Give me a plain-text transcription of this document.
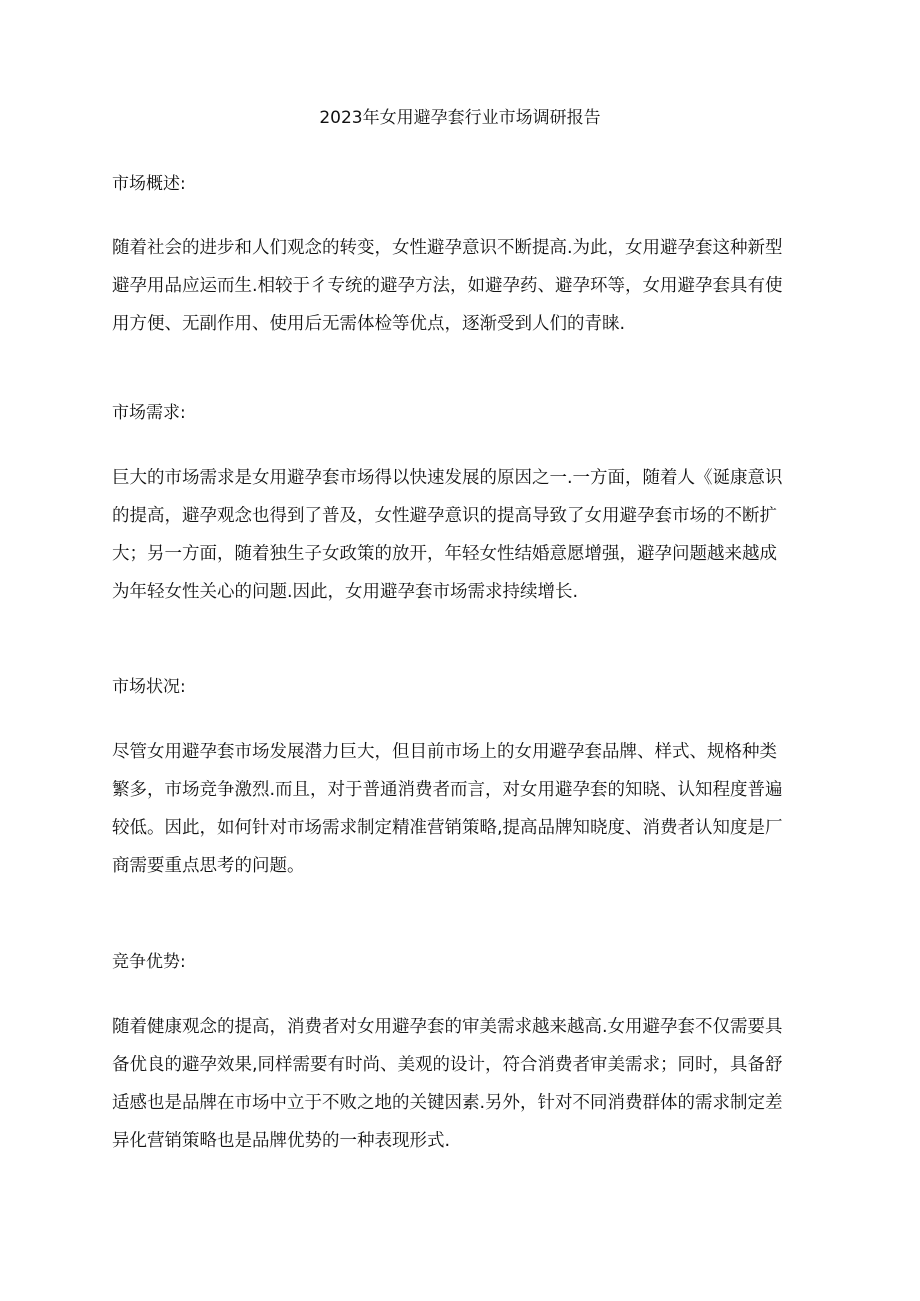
2023年女用避孕套行业市场调研报告

市场概述:

随着社会的进步和人们观念的转变，女性避孕意识不断提高.为此，女用避孕套这种新型
避孕用品应运而生.相较于彳专统的避孕方法，如避孕药、避孕环等，女用避孕套具有使
用方便、无副作用、使用后无需体检等优点，逐渐受到人们的青睐.

市场需求:

巨大的市场需求是女用避孕套市场得以快速发展的原因之一.一方面，随着人《诞康意识
的提高，避孕观念也得到了普及，女性避孕意识的提高导致了女用避孕套市场的不断扩
大；另一方面，随着独生子女政策的放开，年轻女性结婚意愿增强，避孕问题越来越成
为年轻女性关心的问题.因此，女用避孕套市场需求持续增长.

市场状况:

尽管女用避孕套市场发展潜力巨大，但目前市场上的女用避孕套品牌、样式、规格种类
繁多，市场竞争激烈.而且，对于普通消费者而言，对女用避孕套的知晓、认知程度普遍
较低。因此，如何针对市场需求制定精准营销策略,提高品牌知晓度、消费者认知度是厂
商需要重点思考的问题。

竞争优势:

随着健康观念的提高，消费者对女用避孕套的审美需求越来越高.女用避孕套不仅需要具
备优良的避孕效果,同样需要有时尚、美观的设计，符合消费者审美需求；同时，具备舒
适感也是品牌在市场中立于不败之地的关键因素.另外，针对不同消费群体的需求制定差
异化营销策略也是品牌优势的一种表现形式.
